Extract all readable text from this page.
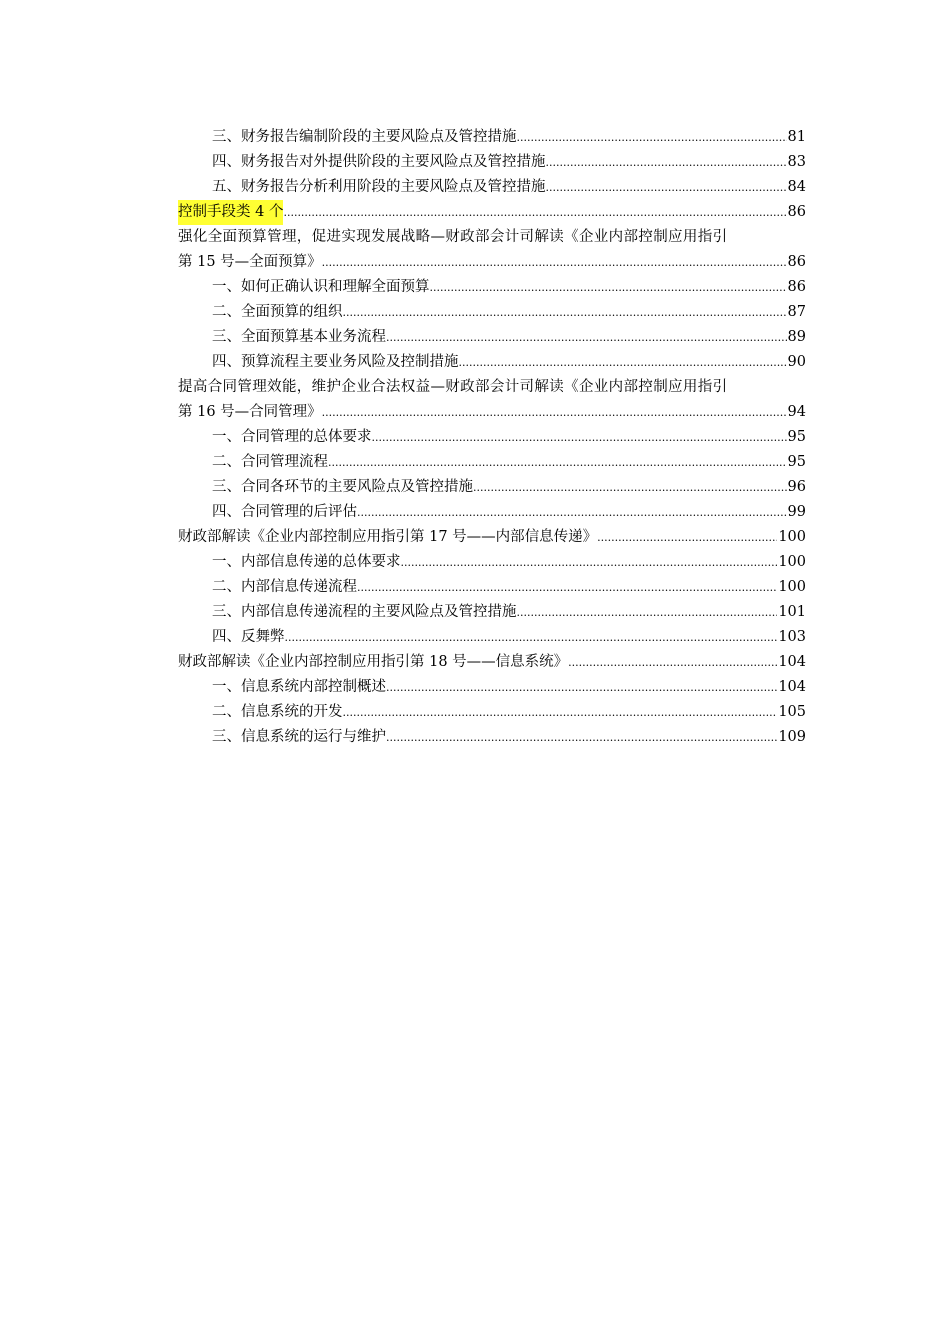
三、财务报告编制阶段的主要风险点及管控措施 .....	81
四、财务报告对外提供阶段的主要风险点及管控措施 .....	83
五、财务报告分析利用阶段的主要风险点及管控措施 .....	84
控制手段类 4 个 .....	86
强化全面预算管理，促进实现发展战略—财政部会计司解读《企业内部控制应用指引
第 15 号—全面预算》 .....	86
一、如何正确认识和理解全面预算 .....	86
二、全面预算的组织 .....	87
三、全面预算基本业务流程 .....	89
四、预算流程主要业务风险及控制措施 .....	90
提高合同管理效能，维护企业合法权益—财政部会计司解读《企业内部控制应用指引
第 16 号—合同管理》 .....	94
一、合同管理的总体要求 .....	95
二、合同管理流程 .....	95
三、合同各环节的主要风险点及管控措施 .....	96
四、合同管理的后评估 .....	99
财政部解读《企业内部控制应用指引第 17 号——内部信息传递》 .....	100
一、内部信息传递的总体要求 .....	100
二、内部信息传递流程 .....	100
三、内部信息传递流程的主要风险点及管控措施 .....	101
四、反舞弊 .....	103
财政部解读《企业内部控制应用指引第 18 号——信息系统》 .....	104
一、信息系统内部控制概述 .....	104
二、信息系统的开发 .....	105
三、信息系统的运行与维护 .....	109
